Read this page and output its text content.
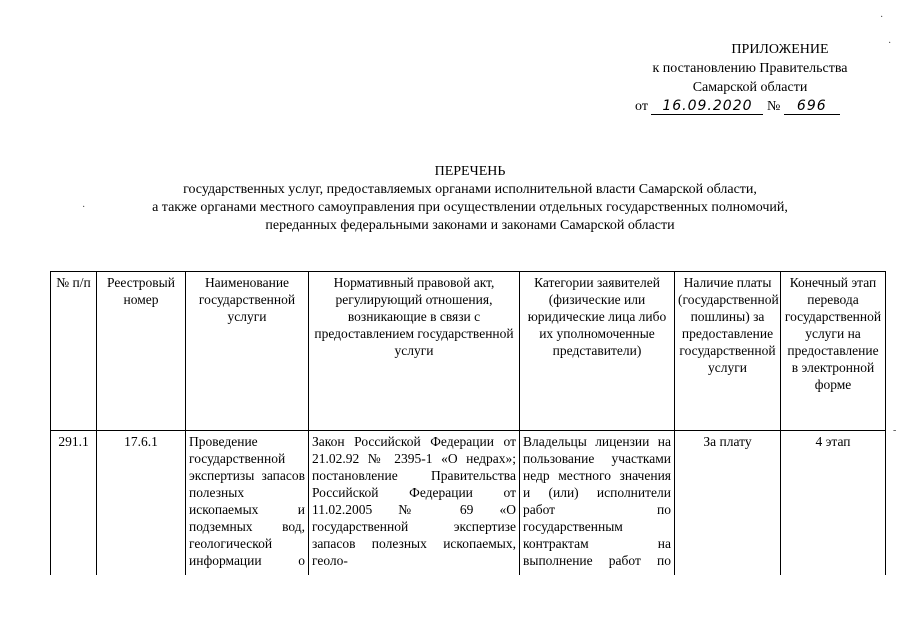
ПРИЛОЖЕНИЕ
к постановлению Правительства
Самарской области
от 16.09.2020 № 696
ПЕРЕЧЕНЬ
государственных услуг, предоставляемых органами исполнительной власти Самарской области,
а также органами местного самоуправления при осуществлении отдельных государственных полномочий,
переданных федеральными законами и законами Самарской области
№ п/п	Реестровый номер	Наименование государственной услуги	Нормативный правовой акт, регулирующий отношения, возникающие в связи с предоставлением государственной услуги	Категории заявителей (физические или юридические лица либо их уполномоченные представители)	Наличие платы (государственной пошлины) за предоставление государственной услуги	Конечный этап перевода государственной услуги на предоставление в электронной форме
291.1	17.6.1	Проведение государственной экспертизы запасов полезных ископаемых и подземных вод, геологической информации о	Закон Российской Федерации от 21.02.92 № 2395-1 «О недрах»; постановление Правительства Российской Федерации от 11.02.2005 № 69 «О государственной экспертизе запасов полезных ископаемых, геоло-	Владельцы лицензии на пользование участками недр местного значения и (или) исполнители работ по государственным контрактам на выполнение работ по	За плату	4 этап
·
·
·
-
